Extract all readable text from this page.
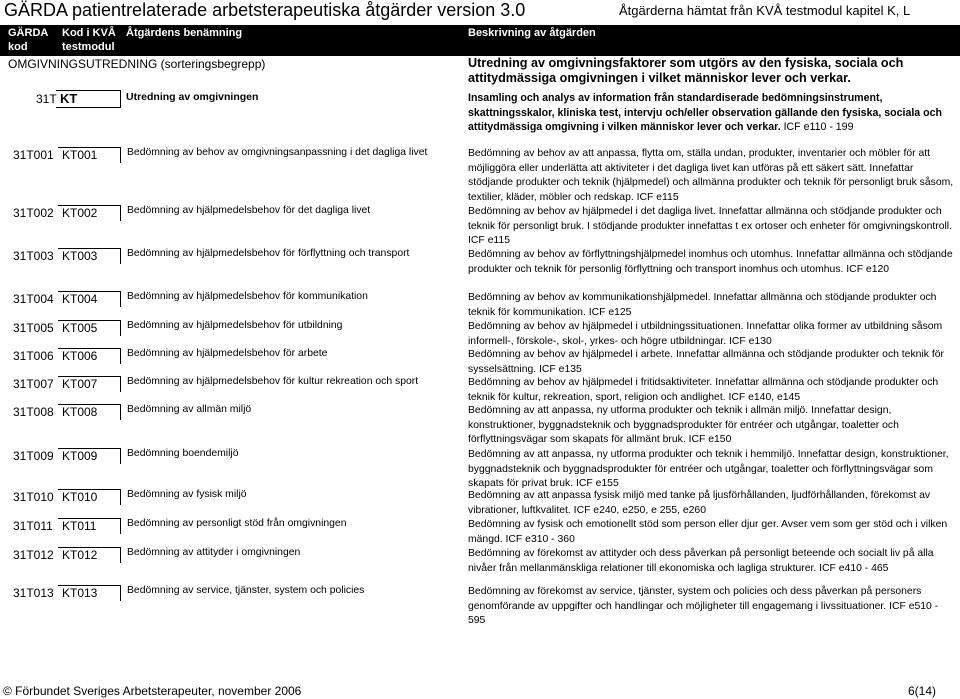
GÄRDA patientrelaterade arbetsterapeutiska åtgärder version 3.0	Åtgärderna hämtat från KVÅ testmodul kapitel K, L
GÄRDA
kod
Kod i KVÅ
testmodul
Åtgärdens benämning	Beskrivning av åtgärden
OMGIVNINGSUTREDNING (sorteringsbegrepp)	Utredning av omgivningsfaktorer som utgörs av den fysiska, sociala och attitydmässiga omgivningen i vilket människor lever och verkar.
31T KT	Utredning av omgivningen	Insamling och analys av information från standardiserade bedömningsinstrument, skattningsskalor, kliniska test, intervju och/eller observation gällande den fysiska, sociala och attitydmässiga omgivning i vilken människor lever och verkar. ICF e110 - 199
31T001 KT001	Bedömning av behov av omgivningsanpassning i det dagliga livet	Bedömning av behov av att anpassa, flytta om, ställa undan, produkter, inventarier och möbler för att möjliggöra eller underlätta att aktiviteter i det dagliga livet kan utföras på ett säkert sätt. Innefattar stödjande produkter och teknik (hjälpmedel) och allmänna produkter och teknik för personligt bruk såsom, textilier, kläder, möbler och redskap. ICF e115
31T002 KT002	Bedömning av hjälpmedelsbehov för det dagliga livet	Bedömning av behov av hjälpmedel i det dagliga livet. Innefattar allmänna och stödjande produkter och teknik för personligt bruk. I stödjande produkter innefattas t ex ortoser och enheter för omgivningskontroll. ICF e115
31T003 KT003	Bedömning av hjälpmedelsbehov för förflyttning och transport	Bedömning av behov av förflyttningshjälpmedel inomhus och utomhus. Innefattar allmänna och stödjande produkter och teknik för personlig förflyttning och transport inomhus och utomhus. ICF e120
31T004 KT004	Bedömning av hjälpmedelsbehov för kommunikation	Bedömning av behov av kommunikationshjälpmedel. Innefattar allmänna och stödjande produkter och teknik för kommunikation. ICF e125
31T005 KT005	Bedömning av hjälpmedelsbehov för utbildning	Bedömning av behov av hjälpmedel i utbildningssituationen. Innefattar olika former av utbildning såsom informell-, förskole-, skol-, yrkes- och högre utbildningar. ICF e130
31T006 KT006	Bedömning av hjälpmedelsbehov för arbete	Bedömning av behov av hjälpmedel i arbete. Innefattar allmänna och stödjande produkter och teknik för sysselsättning. ICF e135
31T007 KT007	Bedömning av hjälpmedelsbehov för kultur rekreation och sport	Bedömning av behov av hjälpmedel i fritidsaktiviteter. Innefattar allmänna och stödjande produkter och teknik för kultur, rekreation, sport, religion och andlighet. ICF e140, e145
31T008 KT008	Bedömning av allmän miljö	Bedömning av att anpassa, ny utforma produkter och teknik i allmän miljö. Innefattar design, konstruktioner, byggnadsteknik och byggnadsprodukter för entréer och utgångar, toaletter och förflyttningsvägar som skapats för allmänt bruk. ICF e150
31T009 KT009	Bedömning boendemiljö	Bedömning av att anpassa, ny utforma produkter och teknik i hemmiljö. Innefattar design, konstruktioner, byggnadsteknik och byggnadsprodukter för entréer och utgångar, toaletter och förflyttningsvägar som skapats för privat bruk. ICF e155
31T010 KT010	Bedömning av fysisk miljö	Bedömning av att anpassa fysisk miljö med tanke på ljusförhållanden, ljudförhållanden, förekomst av vibrationer, luftkvalitet. ICF e240, e250, e 255, e260
31T011 KT011	Bedömning av personligt stöd från omgivningen	Bedömning av fysisk och emotionellt stöd som person eller djur ger. Avser vem som ger stöd och i vilken mängd. ICF e310 - 360
31T012 KT012	Bedömning av attityder i omgivningen	Bedömning av förekomst av attityder och dess påverkan på personligt beteende och socialt liv på alla nivåer från mellanmänskliga relationer till ekonomiska och lagliga strukturer. ICF e410 - 465
31T013 KT013	Bedömning av service, tjänster, system och policies	Bedömning av förekomst av service, tjänster, system och policies och dess påverkan på personers genomförande av uppgifter och handlingar och möjligheter till engagemang i livssituationer. ICF e510 - 595
© Förbundet Sveriges Arbetsterapeuter, november 2006	6(14)
